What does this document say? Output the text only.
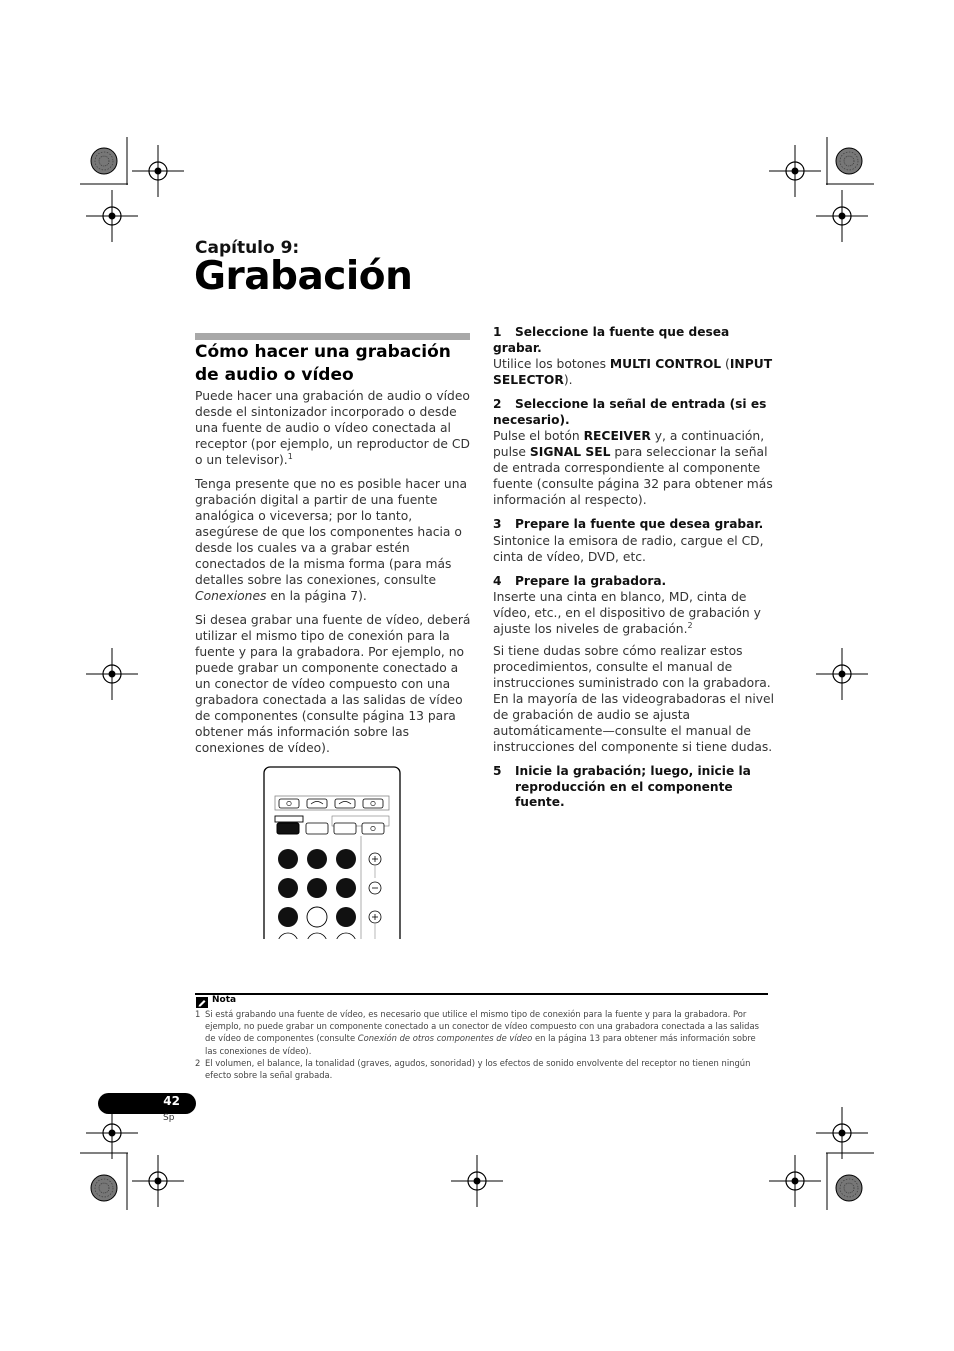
Capítulo 9:
Grabación
Cómo hacer una grabación de audio o vídeo

Puede hacer una grabación de audio o vídeo desde el sintonizador incorporado o desde una fuente de audio o vídeo conectada al receptor (por ejemplo, un reproductor de CD o un televisor).$^1$

Tenga presente que no es posible hacer una grabación digital a partir de una fuente analógica o viceversa; por lo tanto, asegúrese de que los componentes hacia o desde los cuales va a grabar estén conectados de la misma forma (para más detalles sobre las conexiones, consulte Conexiones en la página 7).

Si desea grabar una fuente de vídeo, deberá utilizar el mismo tipo de conexión para la fuente y para la grabadora. Por ejemplo, no puede grabar un componente conectado a un conector de vídeo compuesto con una grabadora conectada a las salidas de vídeo de componentes (consulte página 13 para obtener más información sobre las conexiones de vídeo).

1 Seleccione la fuente que desea grabar.
Utilice los botones MULTI CONTROL (INPUT SELECTOR).
2 Seleccione la señal de entrada (si es necesario).
Pulse el botón RECEIVER y, a continuación, pulse SIGNAL SEL para seleccionar la señal de entrada correspondiente al componente fuente (consulte página 32 para obtener más información al respecto).
3 Prepare la fuente que desea grabar.
Sintonice la emisora de radio, cargue el CD, cinta de vídeo, DVD, etc.
4 Prepare la grabadora.

Inserte una cinta en blanco, MD, cinta de vídeo, etc., en el dispositivo de grabación y ajuste los niveles de grabación.$^2$

Si tiene dudas sobre cómo realizar estos procedimientos, consulte el manual de instrucciones suministrado con la grabadora. En la mayoría de las videograbadoras el nivel de grabación de audio se ajusta automáticamente—consulte el manual de instrucciones del componente si tiene dudas.

5	Inicie la grabación; luego, inicie la reproducción en el componente fuente.
Nota
1 Si está grabando una fuente de vídeo, es necesario que utilice el mismo tipo de conexión para la fuente y para la grabadora. Por ejemplo, no puede grabar un componente conectado a un conector de vídeo compuesto con una grabadora conectada a las salidas de vídeo de componentes (consulte Conexión de otros componentes de vídeo en la página 13 para obtener más información sobre las conexiones de vídeo).
2 El volumen, el balance, la tonalidad (graves, agudos, sonoridad) y los efectos de sonido envolvente del receptor no tienen ningún efecto sobre la señal grabada.
42
Sp
